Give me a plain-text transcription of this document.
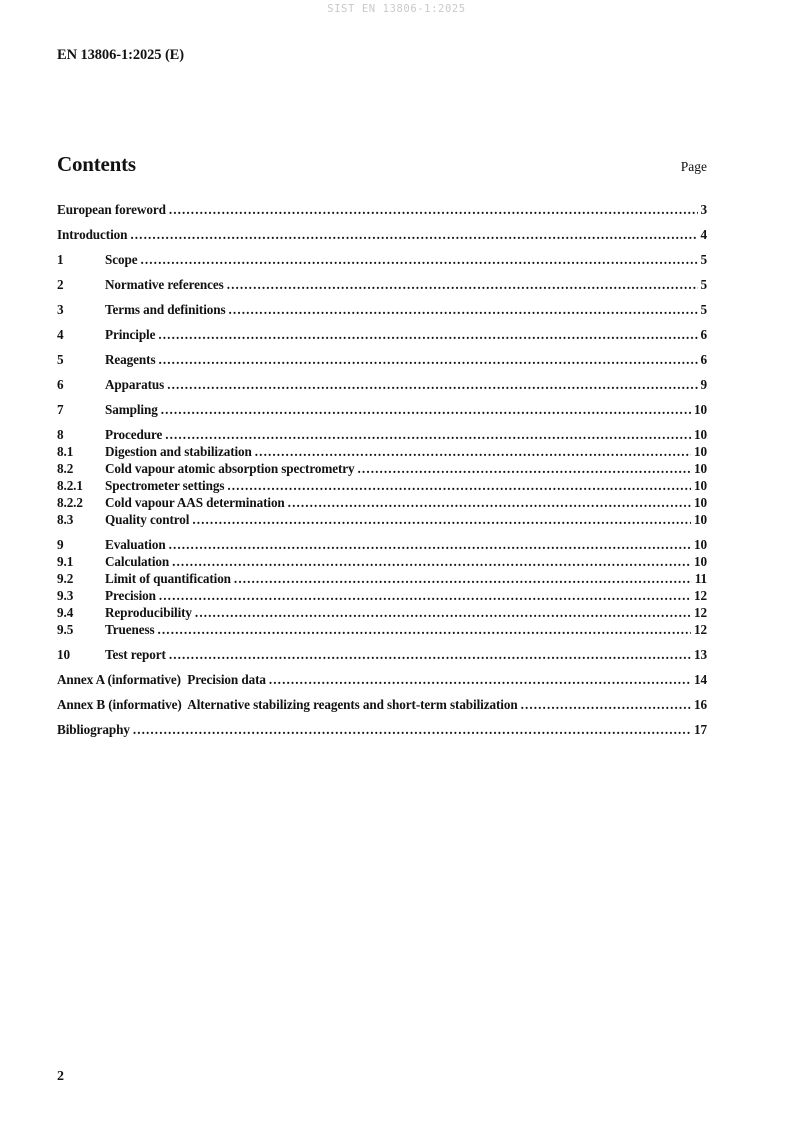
SIST EN 13806-1:2025
EN 13806-1:2025 (E)
Contents	Page
European foreword .....	3
Introduction .....	4
1	Scope .....	5
2	Normative references .....	5
3	Terms and definitions .....	5
4	Principle .....	6
5	Reagents .....	6
6	Apparatus .....	9
7	Sampling .....	10
8	Procedure .....	10
8.1	Digestion and stabilization .....	10
8.2	Cold vapour atomic absorption spectrometry .....	10
8.2.1	Spectrometer settings .....	10
8.2.2	Cold vapour AAS determination .....	10
8.3	Quality control .....	10
9	Evaluation .....	10
9.1	Calculation .....	10
9.2	Limit of quantification .....	11
9.3	Precision .....	12
9.4	Reproducibility .....	12
9.5	Trueness .....	12
10	Test report .....	13
Annex A (informative)  Precision data .....	14
Annex B (informative)  Alternative stabilizing reagents and short-term stabilization .....	16
Bibliography .....	17
2
